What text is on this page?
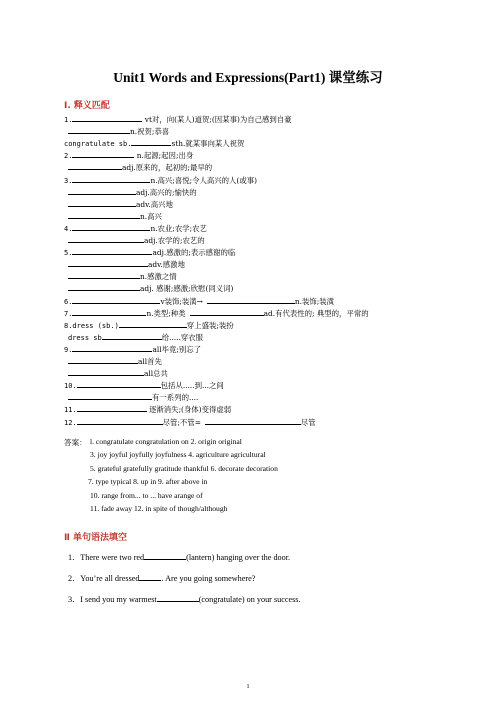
Unit1 Words and Expressions(Part1) 课堂练习
Ⅰ. 释义匹配
1.	vt对，向(某人)道贺;(因某事)为自己感到自豪
n.祝贺;恭喜
congratulate sb.	sth.就某事向某人祝贺
2.	n.起源;起因;出身
adj.原来的，起初的;最早的
3.	n.高兴;喜悦;令人高兴的人(或事)
adj.高兴的;愉快的
adv.高兴地
n.高兴
4.	n.农业;农学;农艺
adj.农学的;农艺的
5.	adj.感激的;表示感谢的临
adv.感激地
n.感激之情
adj. 感谢;感激;欣慰(同义词)
6.	v装饰;装潢→	n.装饰;装潢
7.	n.类型;种类	ad.有代表性的; 典型的，平常的
8.dress (sb.)	穿上盛装;装扮
dress sb	给.....穿衣服
9.	all毕竟;别忘了
all首先
all总共
10.	包括从.....到...之间
有一系列的....
11.	逐渐消失;(身体)变得虚弱
12.	尽管;不管=	尽管
答案： l. congratulate congratulation on 2. origin original
3. joy joyful joyfully joyfulness 4. agriculture agricultural
5. grateful gratefully gratitude thankful 6. decorate decoration
7. type typical 8. up in 9. after above in
10. range from... to ... have arange of
11. fade away 12. in spite of though/although
Ⅱ 单句语法填空
1．There were two red	(lantern) hanging over the door.
2．You’re all dressed	. Are you going somewhere?
3．I send you my warmest	(congratulate) on your success.
1
